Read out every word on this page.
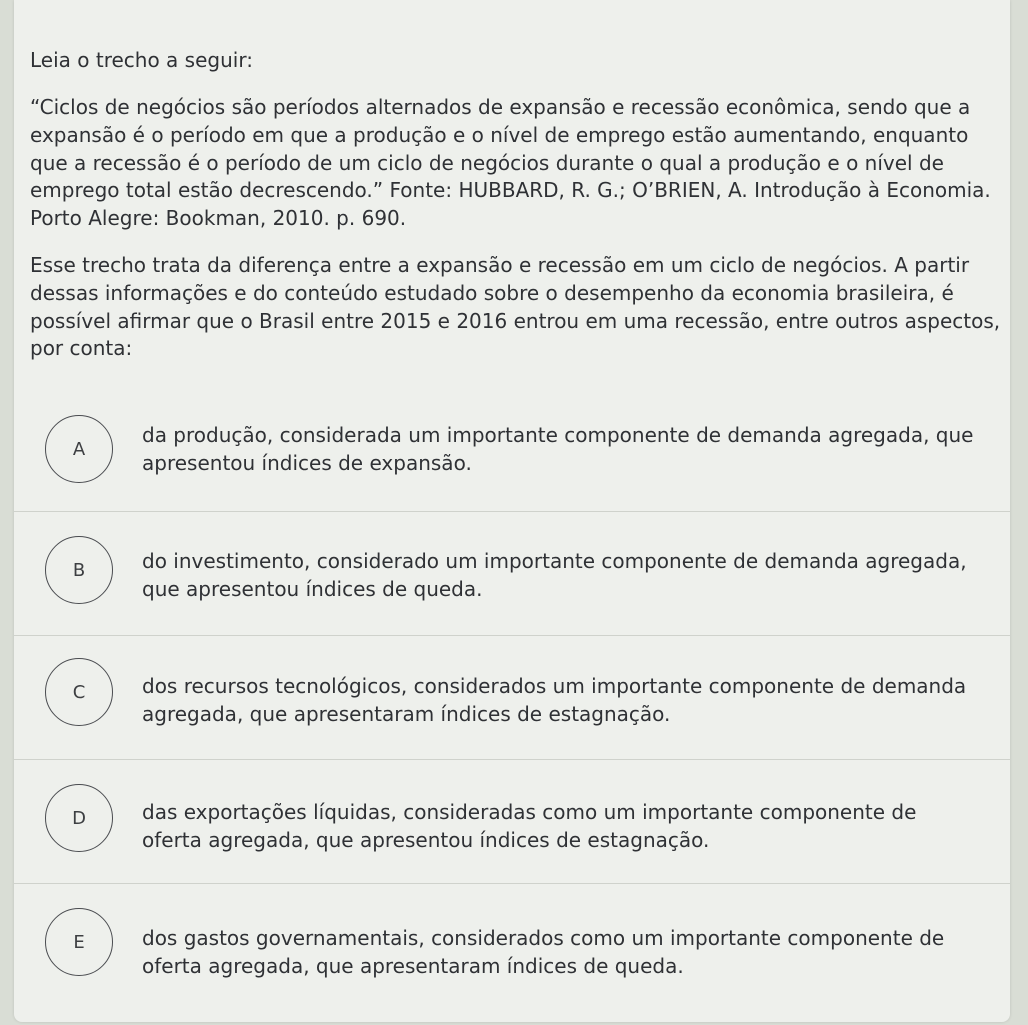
Leia o trecho a seguir:

“Ciclos de negócios são períodos alternados de expansão e recessão econômica, sendo que a expansão é o período em que a produção e o nível de emprego estão aumentando, enquanto que a recessão é o período de um ciclo de negócios durante o qual a produção e o nível de emprego total estão decrescendo.” Fonte: HUBBARD, R. G.; O’BRIEN, A. Introdução à Economia. Porto Alegre: Bookman, 2010. p. 690.

Esse trecho trata da diferença entre a expansão e recessão em um ciclo de negócios. A partir dessas informações e do conteúdo estudado sobre o desempenho da economia brasileira, é possível afirmar que o Brasil entre 2015 e 2016 entrou em uma recessão, entre outros aspectos, por conta:

A

da produção, considerada um importante componente de demanda agregada, que apresentou índices de expansão.

B	do investimento, considerado um importante componente de demanda agregada, que apresentou índices de queda.

C	dos recursos tecnológicos, considerados um importante componente de demanda agregada, que apresentaram índices de estagnação.

D	das exportações líquidas, consideradas como um importante componente de oferta agregada, que apresentou índices de estagnação.

E	dos gastos governamentais, considerados como um importante componente de oferta agregada, que apresentaram índices de queda.
